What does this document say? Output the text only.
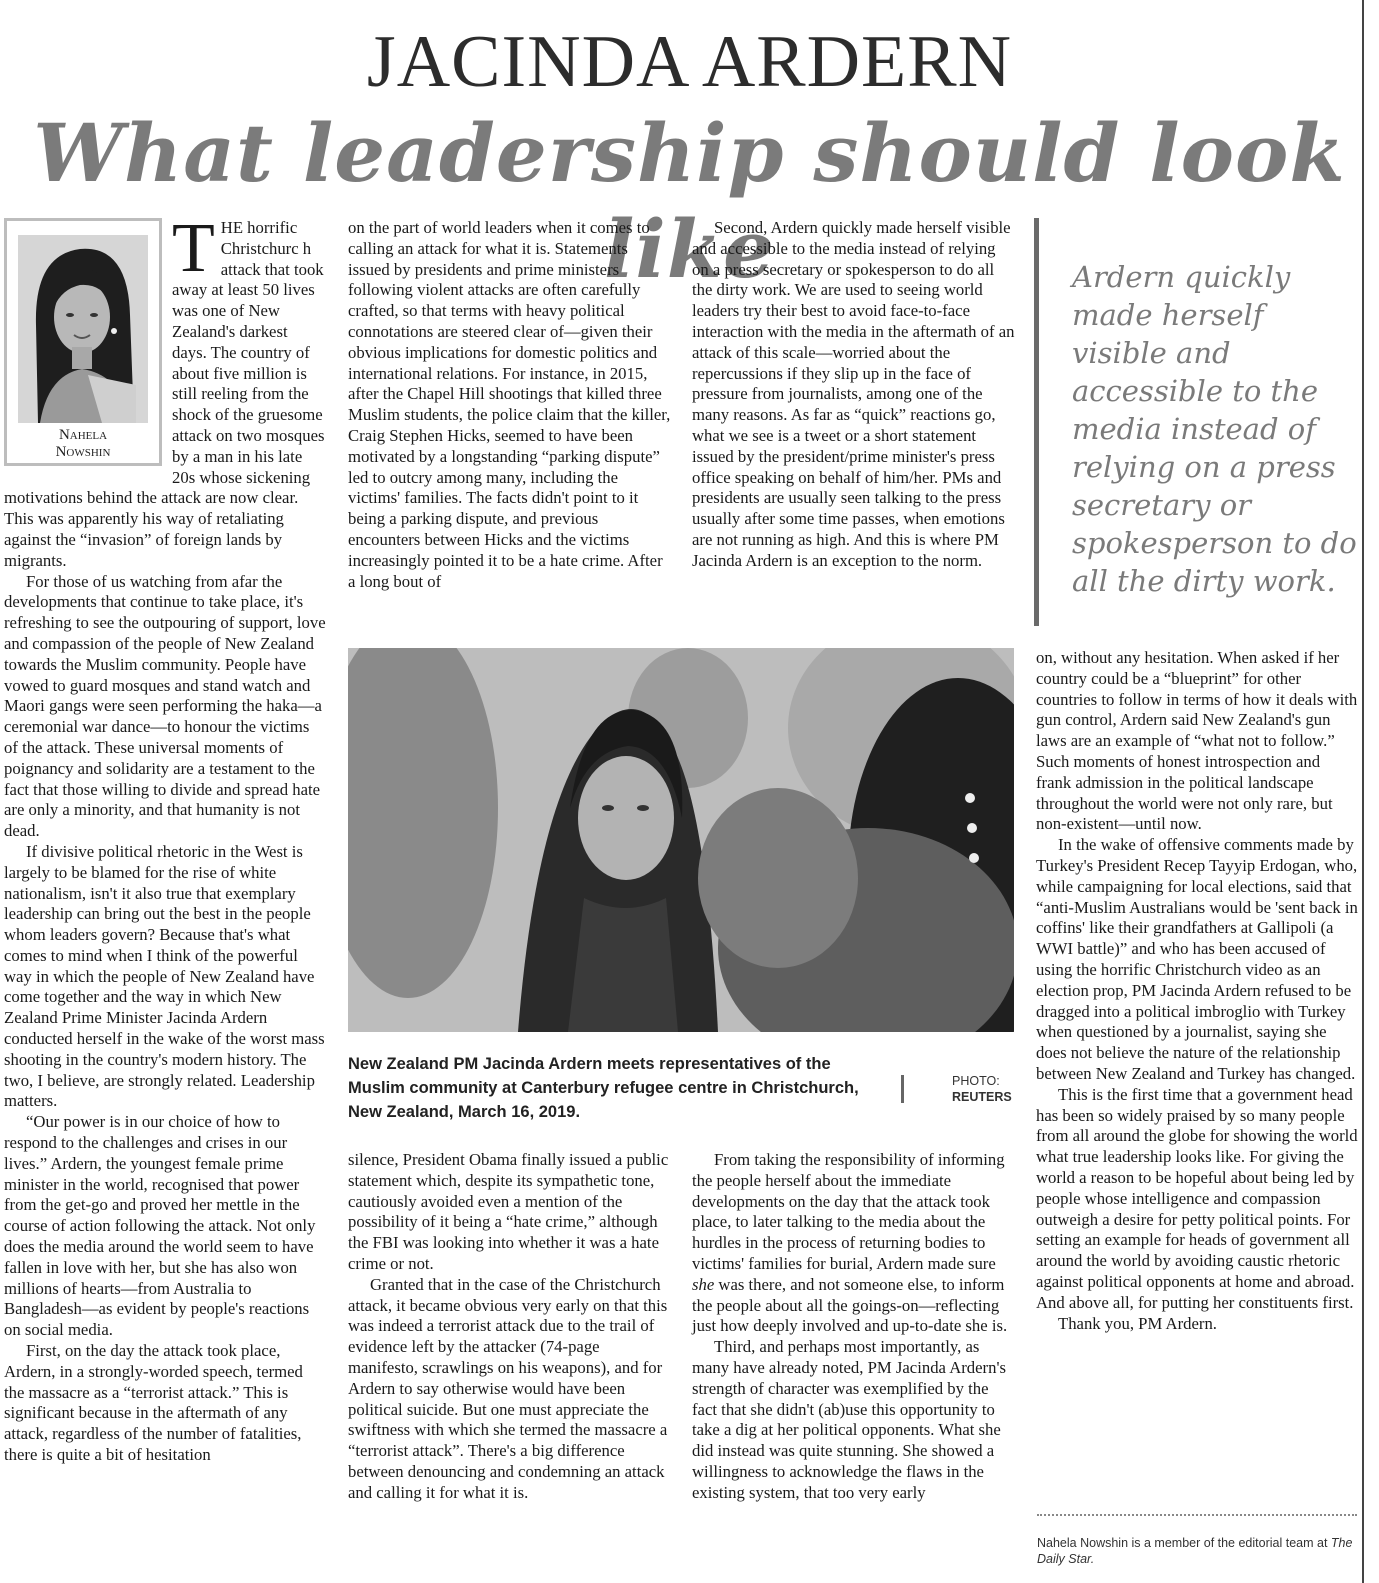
JACINDA ARDERN
What leadership should look like
Nahela
Nowshin

THE horrific Christchurc h attack that took away at least 50 lives was one of New Zealand's darkest days. The country of about five million is still reeling from the shock of the gruesome attack on two mosques by a man in his late 20s whose sickening motivations behind the attack are now clear. This was apparently his way of retaliating against the “invasion” of foreign lands by migrants.

For those of us watching from afar the developments that continue to take place, it's refreshing to see the outpouring of support, love and compassion of the people of New Zealand towards the Muslim community. People have vowed to guard mosques and stand watch and Maori gangs were seen performing the haka—a ceremonial war dance—to honour the victims of the attack. These universal moments of poignancy and solidarity are a testament to the fact that those willing to divide and spread hate are only a minority, and that humanity is not dead.

If divisive political rhetoric in the West is largely to be blamed for the rise of white nationalism, isn't it also true that exemplary leadership can bring out the best in the people whom leaders govern? Because that's what comes to mind when I think of the powerful way in which the people of New Zealand have come together and the way in which New Zealand Prime Minister Jacinda Ardern conducted herself in the wake of the worst mass shooting in the country's modern history. The two, I believe, are strongly related. Leadership matters.

“Our power is in our choice of how to respond to the challenges and crises in our lives.” Ardern, the youngest female prime minister in the world, recognised that power from the get-go and proved her mettle in the course of action following the attack. Not only does the media around the world seem to have fallen in love with her, but she has also won millions of hearts—from Australia to Bangladesh—as evident by people's reactions on social media.

First, on the day the attack took place, Ardern, in a strongly-worded speech, termed the massacre as a “terrorist attack.” This is significant because in the aftermath of any attack, regardless of the number of fatalities, there is quite a bit of hesitation

on the part of world leaders when it comes to calling an attack for what it is. Statements issued by presidents and prime ministers following violent attacks are often carefully crafted, so that terms with heavy political connotations are steered clear of—given their obvious implications for domestic politics and international relations. For instance, in 2015, after the Chapel Hill shootings that killed three Muslim students, the police claim that the killer, Craig Stephen Hicks, seemed to have been motivated by a longstanding “parking dispute” led to outcry among many, including the victims' families. The facts didn't point to it being a parking dispute, and previous encounters between Hicks and the victims increasingly pointed it to be a hate crime. After a long bout of

Second, Ardern quickly made herself visible and accessible to the media instead of relying on a press secretary or spokesperson to do all the dirty work. We are used to seeing world leaders try their best to avoid face-to-face interaction with the media in the aftermath of an attack of this scale—worried about the repercussions if they slip up in the face of pressure from journalists, among one of the many reasons. As far as “quick” reactions go, what we see is a tweet or a short statement issued by the president/prime minister's press office speaking on behalf of him/her. PMs and presidents are usually seen talking to the press usually after some time passes, when emotions are not running as high. And this is where PM Jacinda Ardern is an exception to the norm.

Ardern quickly made herself visible and accessible to the media instead of relying on a press secretary or spokesperson to do all the dirty work.
New Zealand PM Jacinda Ardern meets representatives of the Muslim community at Canterbury refugee centre in Christchurch, New Zealand, March 16, 2019.
PHOTO:
REUTERS

silence, President Obama finally issued a public statement which, despite its sympathetic tone, cautiously avoided even a mention of the possibility of it being a “hate crime,” although the FBI was looking into whether it was a hate crime or not.

Granted that in the case of the Christchurch attack, it became obvious very early on that this was indeed a terrorist attack due to the trail of evidence left by the attacker (74-page manifesto, scrawlings on his weapons), and for Ardern to say otherwise would have been political suicide. But one must appreciate the swiftness with which she termed the massacre a “terrorist attack”. There's a big difference between denouncing and condemning an attack and calling it for what it is.

From taking the responsibility of informing the people herself about the immediate developments on the day that the attack took place, to later talking to the media about the hurdles in the process of returning bodies to victims' families for burial, Ardern made sure she was there, and not someone else, to inform the people about all the goings-on—reflecting just how deeply involved and up-to-date she is.

Third, and perhaps most importantly, as many have already noted, PM Jacinda Ardern's strength of character was exemplified by the fact that she didn't (ab)use this opportunity to take a dig at her political opponents. What she did instead was quite stunning. She showed a willingness to acknowledge the flaws in the existing system, that too very early

on, without any hesitation. When asked if her country could be a “blueprint” for other countries to follow in terms of how it deals with gun control, Ardern said New Zealand's gun laws are an example of “what not to follow.” Such moments of honest introspection and frank admission in the political landscape throughout the world were not only rare, but non-existent—until now.

In the wake of offensive comments made by Turkey's President Recep Tayyip Erdogan, who, while campaigning for local elections, said that “anti-Muslim Australians would be 'sent back in coffins' like their grandfathers at Gallipoli (a WWI battle)” and who has been accused of using the horrific Christchurch video as an election prop, PM Jacinda Ardern refused to be dragged into a political imbroglio with Turkey when questioned by a journalist, saying she does not believe the nature of the relationship between New Zealand and Turkey has changed.

This is the first time that a government head has been so widely praised by so many people from all around the globe for showing the world what true leadership looks like. For giving the world a reason to be hopeful about being led by people whose intelligence and compassion outweigh a desire for petty political points. For setting an example for heads of government all around the world by avoiding caustic rhetoric against political opponents at home and abroad. And above all, for putting her constituents first.

Thank you, PM Ardern.

Nahela Nowshin is a member of the editorial team at The Daily Star.
